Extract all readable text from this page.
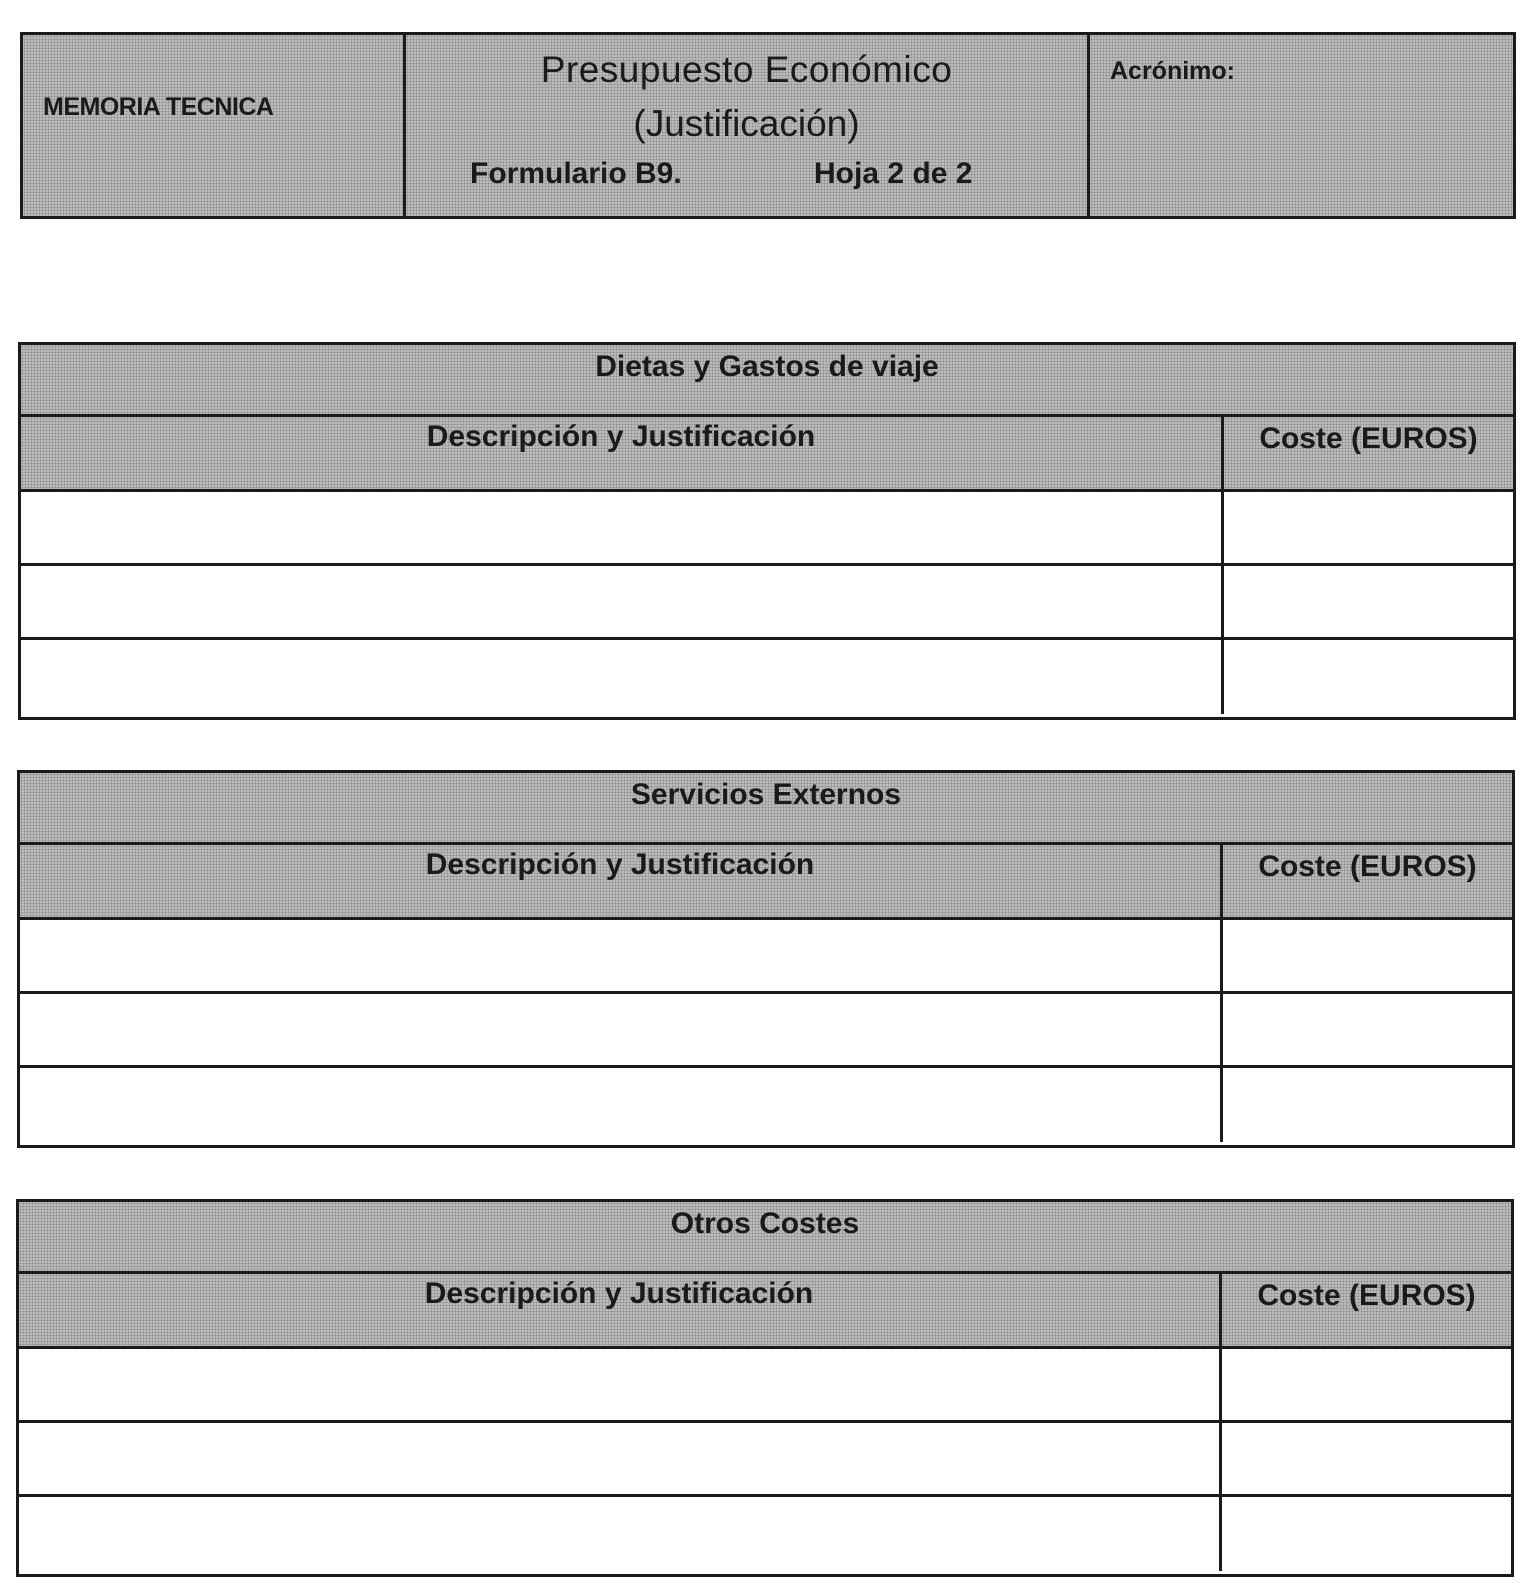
MEMORIA TECNICA
Presupuesto Económico
(Justificación)
Formulario B9.	Hoja 2 de 2
Acrónimo:
Dietas y Gastos de viaje
Descripción y Justificación	Coste (EUROS)
Servicios Externos
Descripción y Justificación	Coste (EUROS)
Otros Costes
Descripción y Justificación	Coste (EUROS)
